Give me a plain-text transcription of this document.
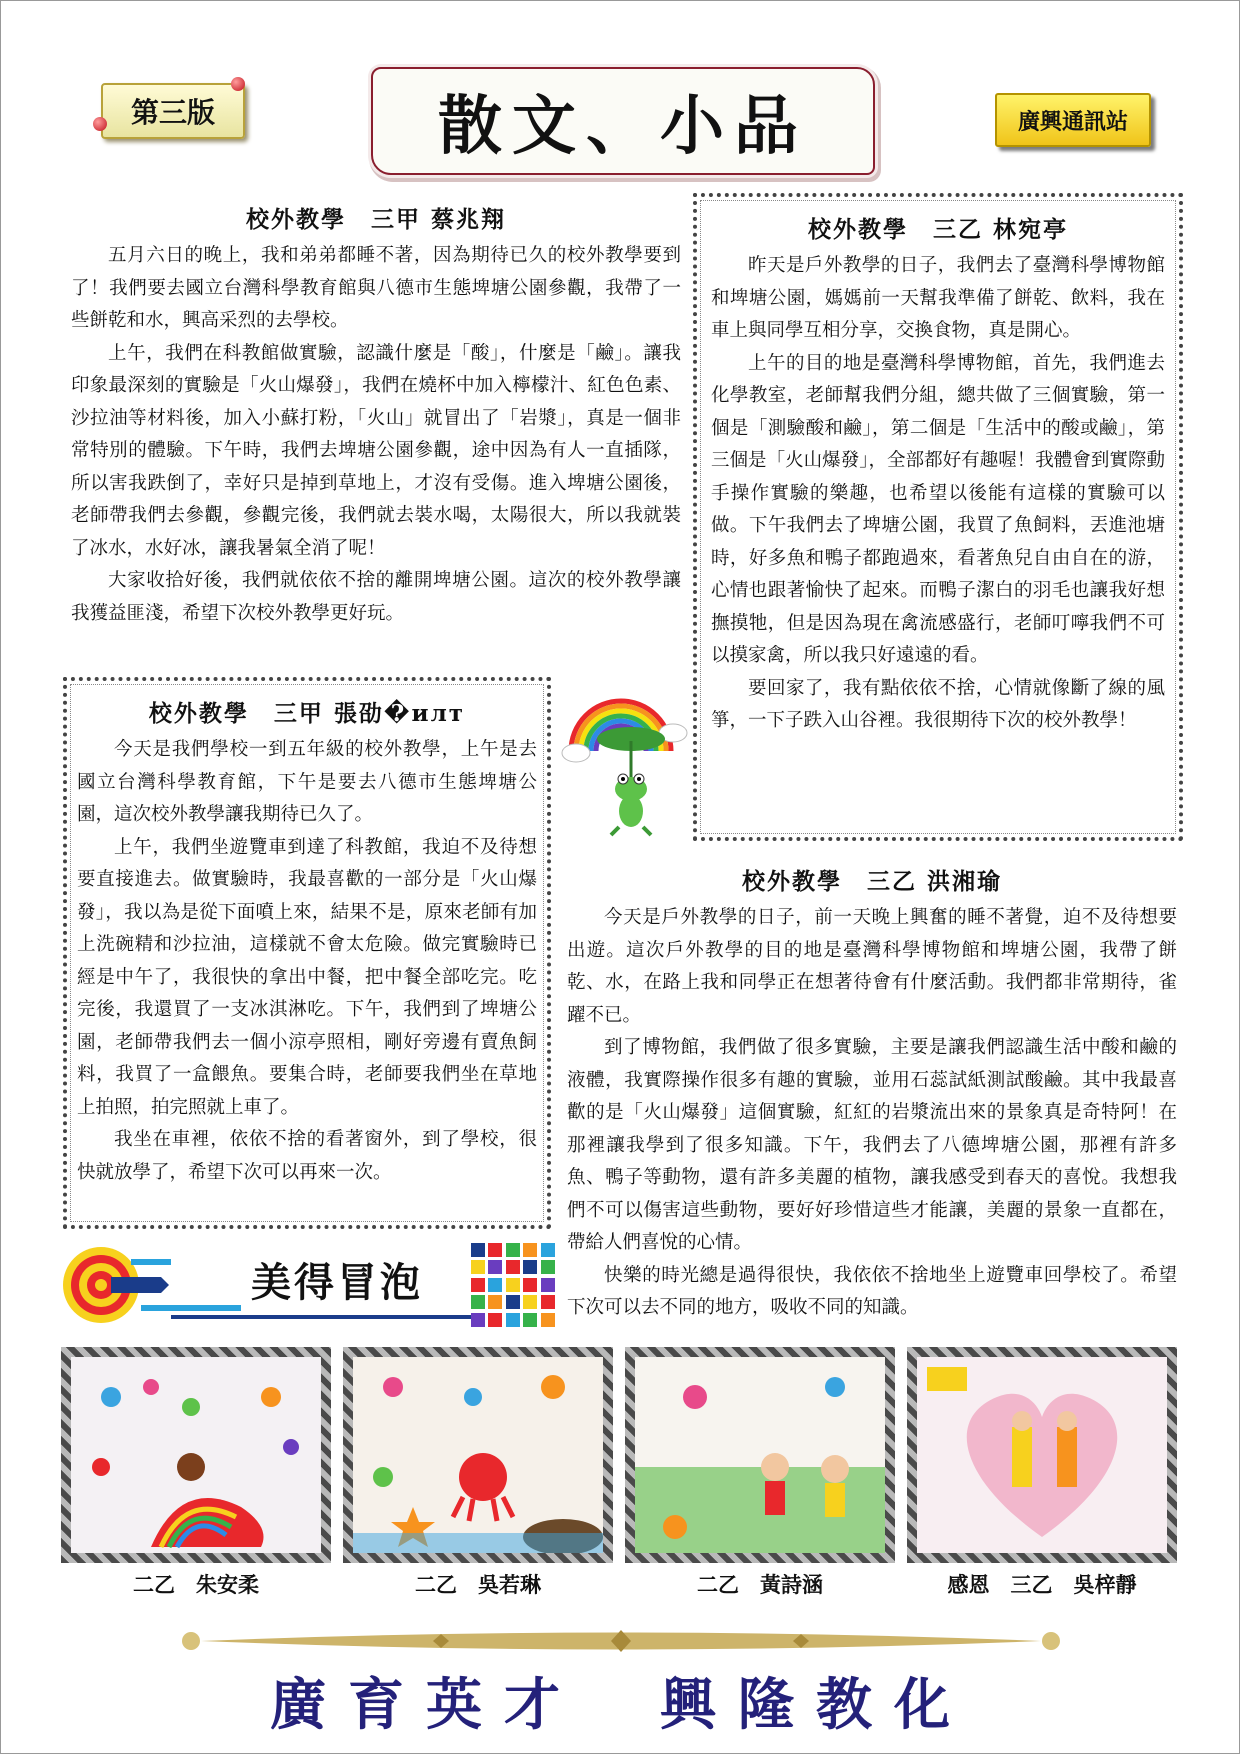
第三版	散文、小品	廣興通訊站

校外教學　三甲 蔡兆翔

五月六日的晚上，我和弟弟都睡不著，因為期待已久的校外教學要到了！我們要去國立台灣科學教育館與八德市生態埤塘公園參觀，我帶了一些餅乾和水，興高采烈的去學校。

上午，我們在科教館做實驗，認識什麼是「酸」，什麼是「鹼」。讓我印象最深刻的實驗是「火山爆發」，我們在燒杯中加入檸檬汁、紅色色素、沙拉油等材料後，加入小蘇打粉，「火山」就冒出了「岩漿」，真是一個非常特別的體驗。下午時，我們去埤塘公園參觀，途中因為有人一直插隊，所以害我跌倒了，幸好只是掉到草地上，才沒有受傷。進入埤塘公園後，老師帶我們去參觀，參觀完後，我們就去裝水喝，太陽很大，所以我就裝了冰水，水好冰，讓我暑氣全消了呢！

大家收拾好後，我們就依依不捨的離開埤塘公園。這次的校外教學讓我獲益匪淺，希望下次校外教學更好玩。

校外教學　三乙 林宛亭

昨天是戶外教學的日子，我們去了臺灣科學博物館和埤塘公園，媽媽前一天幫我準備了餅乾、飲料，我在車上與同學互相分享，交換食物，真是開心。

上午的目的地是臺灣科學博物館，首先，我們進去化學教室，老師幫我們分組，總共做了三個實驗，第一個是「測驗酸和鹼」，第二個是「生活中的酸或鹼」，第三個是「火山爆發」，全部都好有趣喔！我體會到實際動手操作實驗的樂趣，也希望以後能有這樣的實驗可以做。下午我們去了埤塘公園，我買了魚飼料，丟進池塘時，好多魚和鴨子都跑過來，看著魚兒自由自在的游，心情也跟著愉快了起來。而鴨子潔白的羽毛也讓我好想撫摸牠，但是因為現在禽流感盛行，老師叮嚀我們不可以摸家禽，所以我只好遠遠的看。

要回家了，我有點依依不捨，心情就像斷了線的風箏，一下子跌入山谷裡。我很期待下次的校外教學！

校外教學　三甲 張劭�илт

今天是我們學校一到五年級的校外教學，上午是去國立台灣科學教育館，下午是要去八德市生態埤塘公園，這次校外教學讓我期待已久了。

上午，我們坐遊覽車到達了科教館，我迫不及待想要直接進去。做實驗時，我最喜歡的一部分是「火山爆發」，我以為是從下面噴上來，結果不是，原來老師有加上洗碗精和沙拉油，這樣就不會太危險。做完實驗時已經是中午了，我很快的拿出中餐，把中餐全部吃完。吃完後，我還買了一支冰淇淋吃。下午，我們到了埤塘公園，老師帶我們去一個小涼亭照相，剛好旁邊有賣魚飼料，我買了一盒餵魚。要集合時，老師要我們坐在草地上拍照，拍完照就上車了。

我坐在車裡，依依不捨的看著窗外，到了學校，很快就放學了，希望下次可以再來一次。

校外教學　三乙 洪湘瑜

今天是戶外教學的日子，前一天晚上興奮的睡不著覺，迫不及待想要出遊。這次戶外教學的目的地是臺灣科學博物館和埤塘公園，我帶了餅乾、水，在路上我和同學正在想著待會有什麼活動。我們都非常期待，雀躍不已。

到了博物館，我們做了很多實驗，主要是讓我們認識生活中酸和鹼的液體，我實際操作很多有趣的實驗，並用石蕊試紙測試酸鹼。其中我最喜歡的是「火山爆發」這個實驗，紅紅的岩漿流出來的景象真是奇特阿！在那裡讓我學到了很多知識。下午，我們去了八德埤塘公園，那裡有許多魚、鴨子等動物，還有許多美麗的植物，讓我感受到春天的喜悅。我想我們不可以傷害這些動物，要好好珍惜這些才能讓，美麗的景象一直都在，帶給人們喜悅的心情。

快樂的時光總是過得很快，我依依不捨地坐上遊覽車回學校了。希望下次可以去不同的地方，吸收不同的知識。

美得冒泡
二乙　朱安柔	二乙　吳若琳	二乙　黃詩涵	感恩　三乙　吳梓靜
廣育英才　興隆教化
